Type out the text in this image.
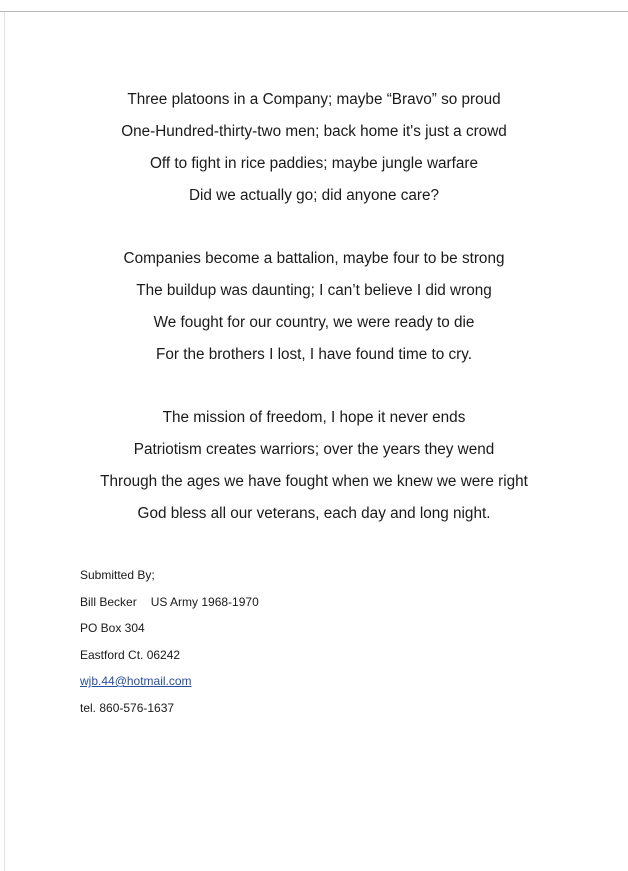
Three platoons in a Company; maybe “Bravo” so proud
One-Hundred-thirty-two men; back home it's just a crowd
Off to fight in rice paddies; maybe jungle warfare
Did we actually go; did anyone care?
Companies become a battalion, maybe four to be strong
The buildup was daunting; I can’t believe I did wrong
We fought for our country, we were ready to die
For the brothers I lost, I have found time to cry.
The mission of freedom, I hope it never ends
Patriotism creates warriors; over the years they wend
Through the ages we have fought when we knew we were right
God bless all our veterans, each day and long night.
Submitted By;
Bill Becker US Army 1968-1970
PO Box 304
Eastford Ct. 06242
wjb.44@hotmail.com
tel. 860-576-1637
